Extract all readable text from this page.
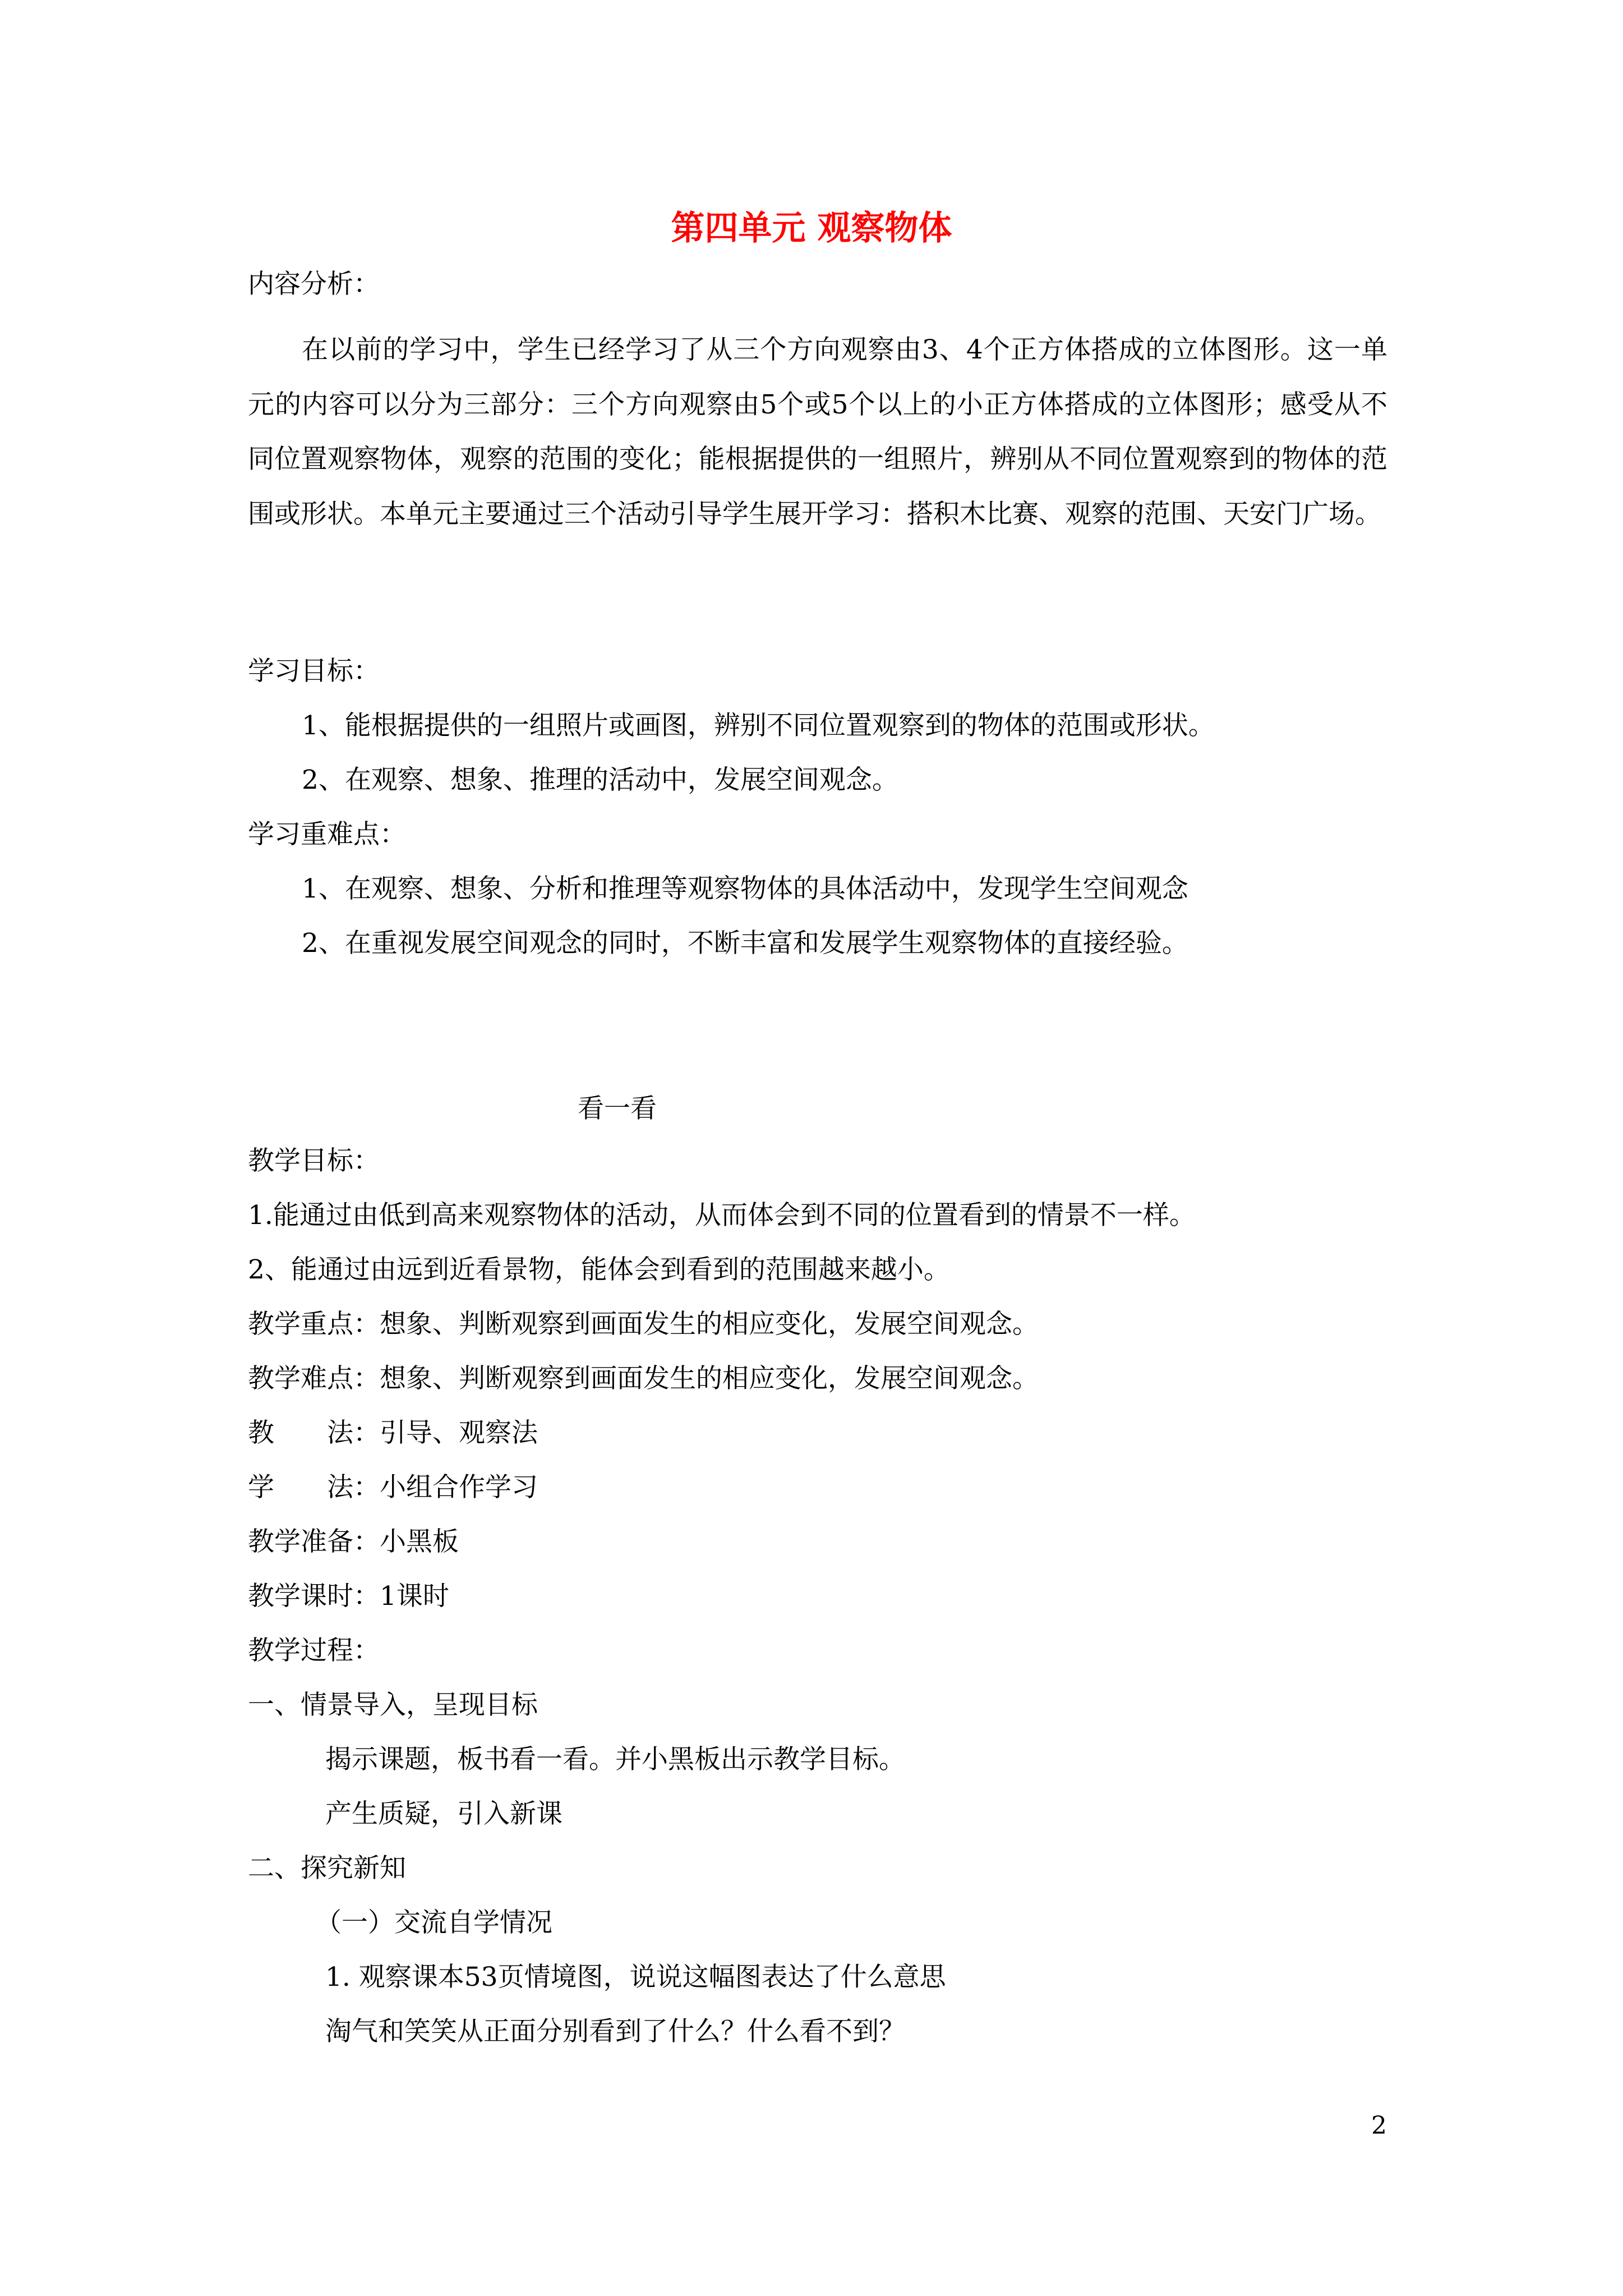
第四单元 观察物体
内容分析：
在以前的学习中，学生已经学习了从三个方向观察由3、4个正方体搭成的立体图形。这一单元的内容可以分为三部分：三个方向观察由5个或5个以上的小正方体搭成的立体图形；感受从不同位置观察物体，观察的范围的变化；能根据提供的一组照片，辨别从不同位置观察到的物体的范围或形状。本单元主要通过三个活动引导学生展开学习：搭积木比赛、观察的范围、天安门广场。
学习目标：
1、能根据提供的一组照片或画图，辨别不同位置观察到的物体的范围或形状。
2、在观察、想象、推理的活动中，发展空间观念。
学习重难点：
1、在观察、想象、分析和推理等观察物体的具体活动中，发现学生空间观念
2、在重视发展空间观念的同时，不断丰富和发展学生观察物体的直接经验。
看一看
教学目标：
1.能通过由低到高来观察物体的活动，从而体会到不同的位置看到的情景不一样。
2、能通过由远到近看景物，能体会到看到的范围越来越小。
教学重点：想象、判断观察到画面发生的相应变化，发展空间观念。
教学难点：想象、判断观察到画面发生的相应变化，发展空间观念。
教　　法：引导、观察法
学　　法：小组合作学习
教学准备：小黑板
教学课时：1课时
教学过程：
一、情景导入，呈现目标
揭示课题，板书看一看。并小黑板出示教学目标。
产生质疑，引入新课
二、探究新知
（一）交流自学情况
1. 观察课本53页情境图，说说这幅图表达了什么意思
淘气和笑笑从正面分别看到了什么？什么看不到？
2
